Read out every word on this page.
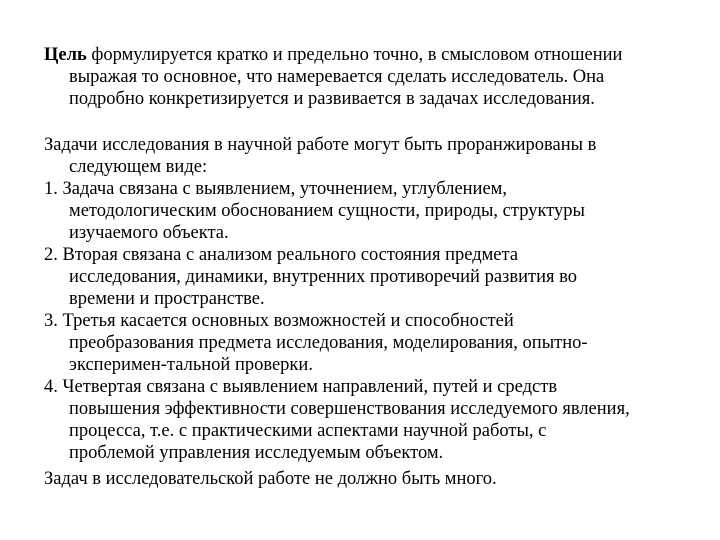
Цель формулируется кратко и предельно точно, в смысловом отношении
выражая то основное, что намеревается сделать исследователь. Она
подробно конкретизируется и развивается в задачах исследования.
Задачи исследования в научной работе могут быть проранжированы в
следующем виде:
1. Задача связана с выявлением, уточнением, углублением,
методологическим обоснованием сущности, природы, структуры
изучаемого объекта.
2. Вторая связана с анализом реального состояния предмета
исследования, динамики, внутренних противоречий развития во
времени и пространстве.
3. Третья касается основных возможностей и способностей
преобразования предмета исследования, моделирования, опытно-
эксперимен-тальной проверки.
4. Четвертая связана с выявлением направлений, путей и средств
повышения эффективности совершенствования исследуемого явления,
процесса, т.е. с практическими аспектами научной работы, с
проблемой управления исследуемым объектом.
Задач в исследовательской работе не должно быть много.
